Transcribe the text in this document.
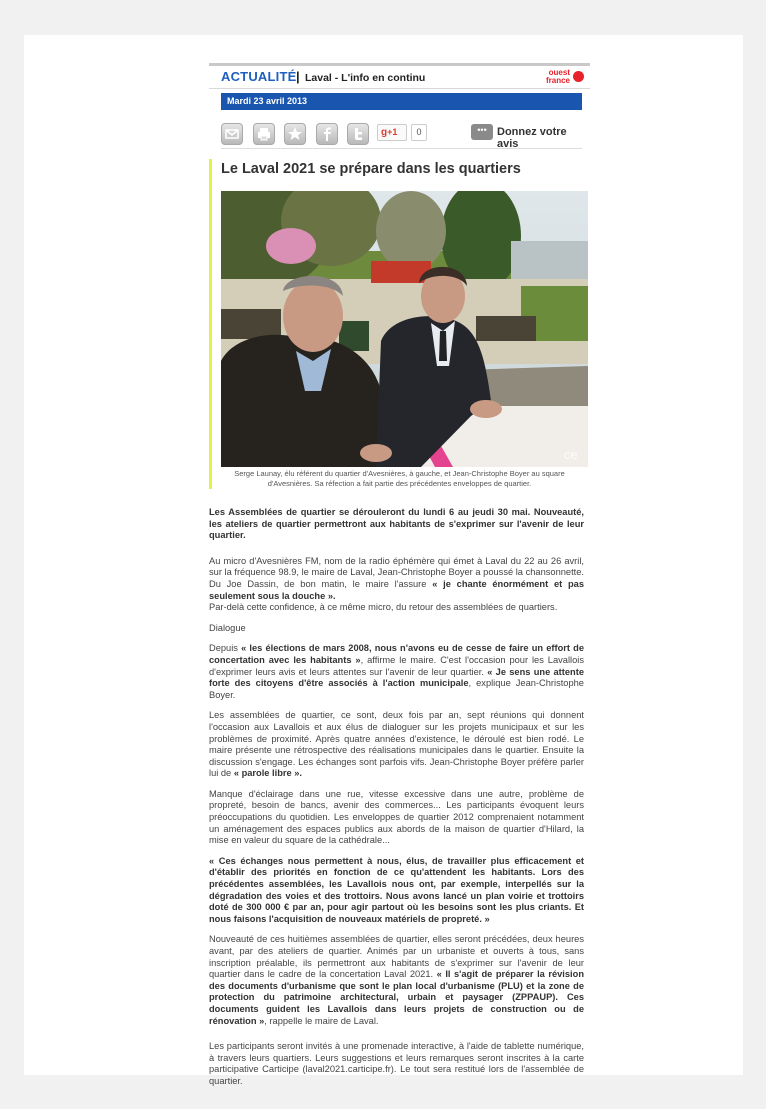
ACTUALITÉ | Laval - L'info en continu	ouest france
Mardi 23 avril 2013
g+1	0	••• Donnez votre avis
Le Laval 2021 se prépare dans les quartiers
ce
Serge Launay, élu référent du quartier d'Avesnières, à gauche, et Jean-Christophe Boyer au square d'Avesnières. Sa réfection a fait partie des précédentes enveloppes de quartier.

Les Assemblées de quartier se dérouleront du lundi 6 au jeudi 30 mai. Nouveauté, les ateliers de quartier permettront aux habitants de s'exprimer sur l'avenir de leur quartier.

Au micro d'Avesnières FM, nom de la radio éphémère qui émet à Laval du 22 au 26 avril, sur la fréquence 98.9, le maire de Laval, Jean-Christophe Boyer a poussé la chansonnette. Du Joe Dassin, de bon matin, le maire l'assure « je chante énormément et pas seulement sous la douche ».

Par-delà cette confidence, à ce même micro, du retour des assemblées de quartiers.

Dialogue

Depuis « les élections de mars 2008, nous n'avons eu de cesse de faire un effort de concertation avec les habitants », affirme le maire. C'est l'occasion pour les Lavallois d'exprimer leurs avis et leurs attentes sur l'avenir de leur quartier. « Je sens une attente forte des citoyens d'être associés à l'action municipale, explique Jean-Christophe Boyer.

Les assemblées de quartier, ce sont, deux fois par an, sept réunions qui donnent l'occasion aux Lavallois et aux élus de dialoguer sur les projets municipaux et sur les problèmes de proximité. Après quatre années d'existence, le déroulé est bien rodé. Le maire présente une rétrospective des réalisations municipales dans le quartier. Ensuite la discussion s'engage. Les échanges sont parfois vifs. Jean-Christophe Boyer préfère parler lui de « parole libre ».

Manque d'éclairage dans une rue, vitesse excessive dans une autre, problème de propreté, besoin de bancs, avenir des commerces... Les participants évoquent leurs préoccupations du quotidien. Les enveloppes de quartier 2012 comprenaient notamment un aménagement des espaces publics aux abords de la maison de quartier d'Hilard, la mise en valeur du square de la cathédrale...

« Ces échanges nous permettent à nous, élus, de travailler plus efficacement et d'établir des priorités en fonction de ce qu'attendent les habitants. Lors des précédentes assemblées, les Lavallois nous ont, par exemple, interpellés sur la dégradation des voies et des trottoirs. Nous avons lancé un plan voirie et trottoirs doté de 300 000 € par an, pour agir partout où les besoins sont les plus criants. Et nous faisons l'acquisition de nouveaux matériels de propreté. »

Nouveauté de ces huitièmes assemblées de quartier, elles seront précédées, deux heures avant, par des ateliers de quartier. Animés par un urbaniste et ouverts à tous, sans inscription préalable, ils permettront aux habitants de s'exprimer sur l'avenir de leur quartier dans le cadre de la concertation Laval 2021. « Il s'agit de préparer la révision des documents d'urbanisme que sont le plan local d'urbanisme (PLU) et la zone de protection du patrimoine architectural, urbain et paysager (ZPPAUP). Ces documents guident les Lavallois dans leurs projets de construction ou de rénovation », rappelle le maire de Laval.

Les participants seront invités à une promenade interactive, à l'aide de tablette numérique, à travers leurs quartiers. Leurs suggestions et leurs remarques seront inscrites à la carte participative Carticipe (laval2021.carticipe.fr). Le tout sera restitué lors de l'assemblée de quartier.
